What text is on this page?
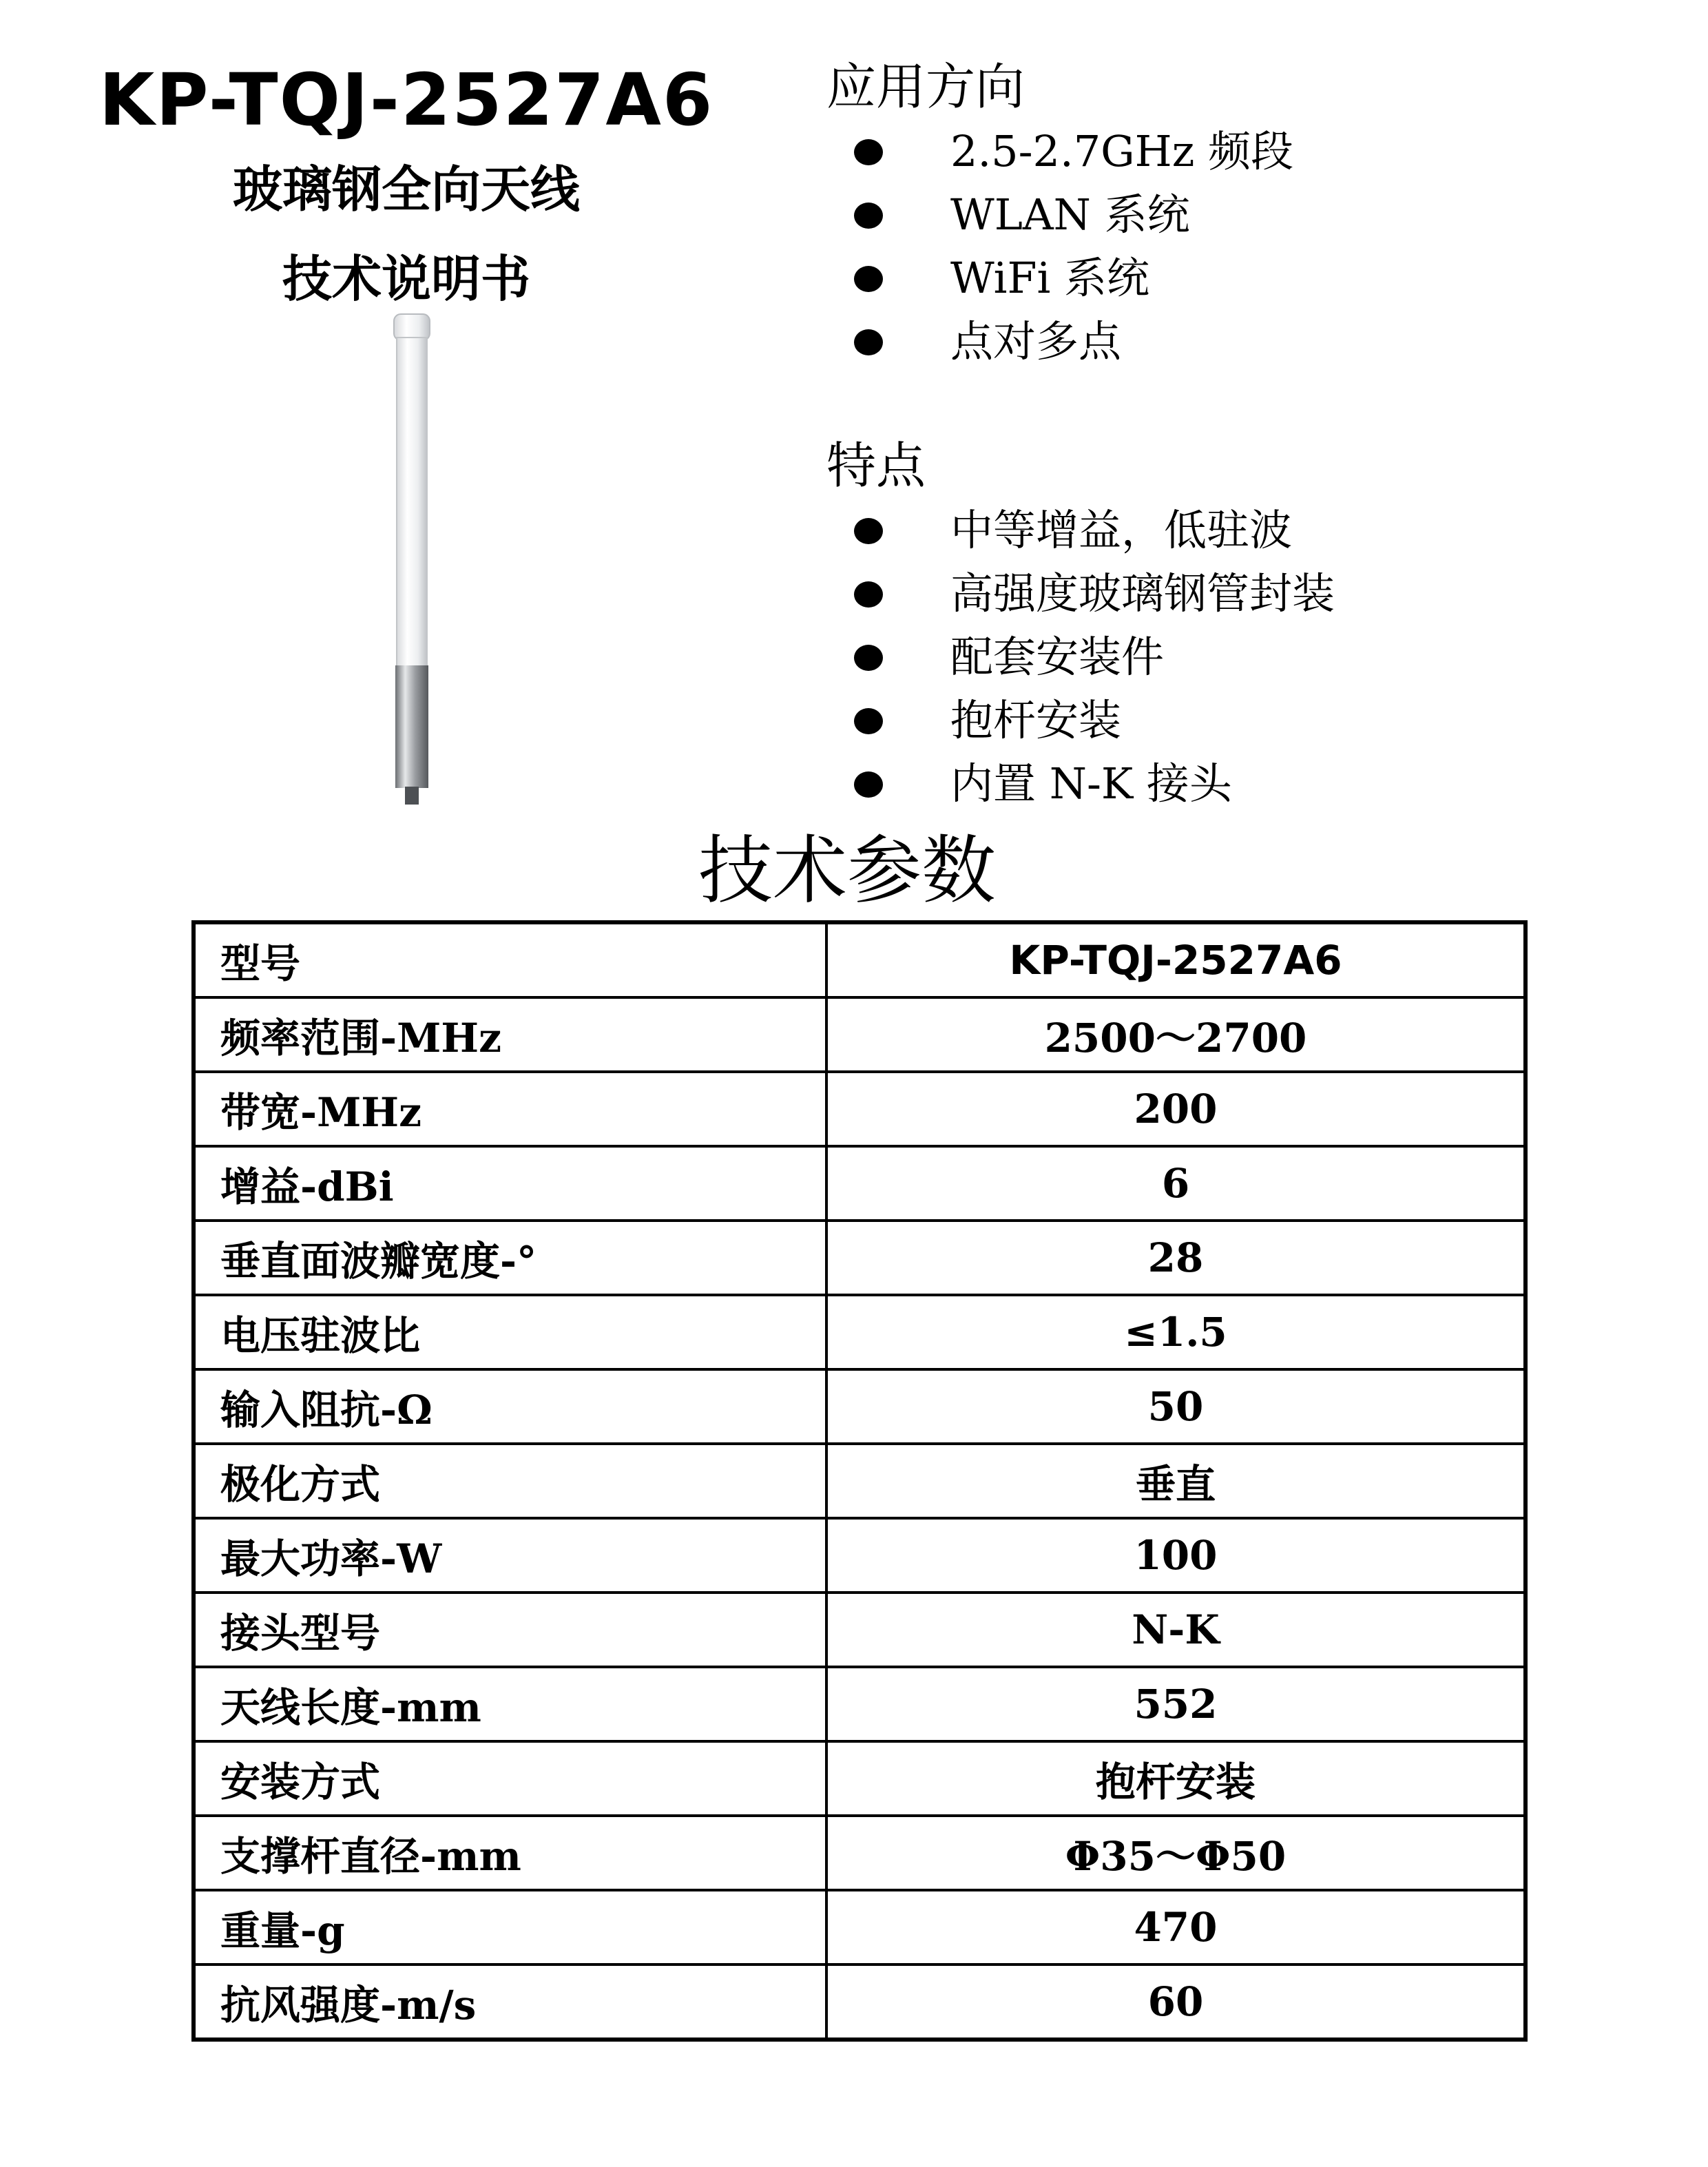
KP-TQJ-2527A6
玻璃钢全向天线
技术说明书
应用方向
2.5-2.7GHz 频段
WLAN 系统
WiFi 系统
点对多点
特点
中等增益，低驻波
高强度玻璃钢管封装
配套安装件
抱杆安装
内置 N-K 接头
技术参数
型号	KP-TQJ-2527A6
频率范围-MHz	2500～2700
带宽-MHz	200
增益-dBi	6
垂直面波瓣宽度-°	28
电压驻波比	≤1.5
输入阻抗-Ω	50
极化方式	垂直
最大功率-W	100
接头型号	N-K
天线长度-mm	552
安装方式	抱杆安装
支撑杆直径-mm	Φ35～Φ50
重量-g	470
抗风强度-m/s	60
